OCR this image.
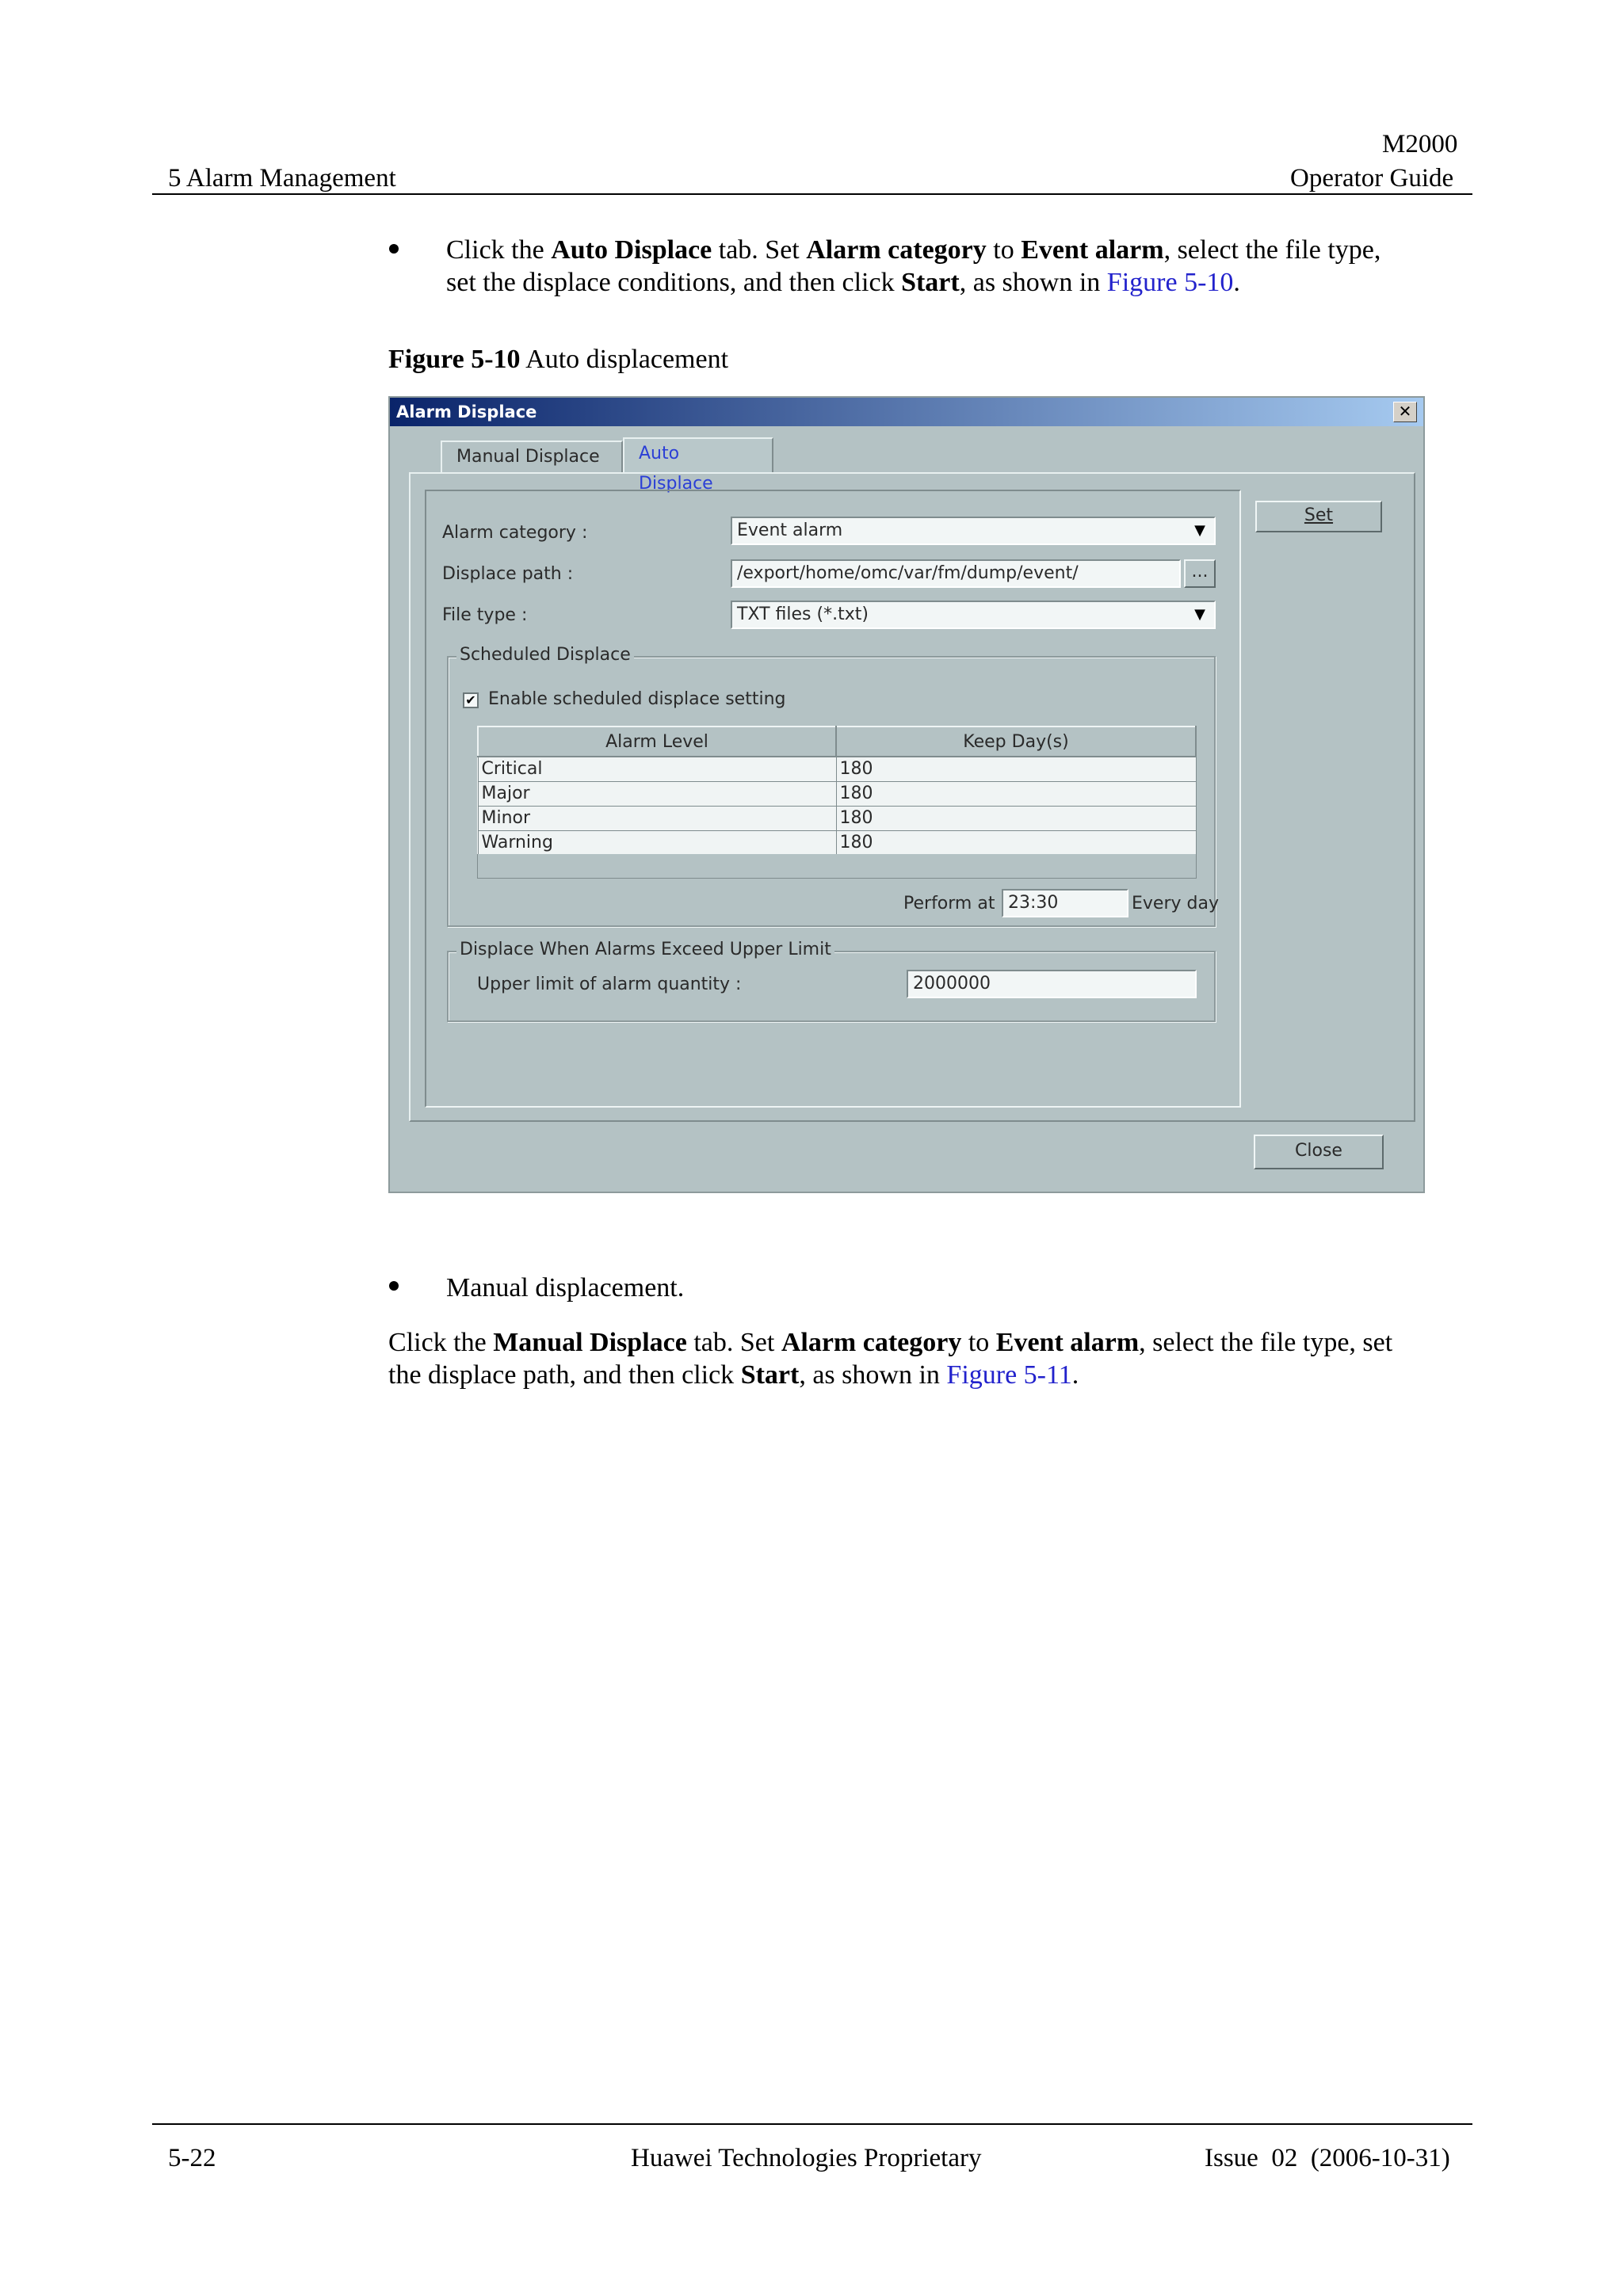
M2000
5 Alarm Management	Operator Guide
Click the Auto Displace tab. Set Alarm category to Event alarm, select the file type,
set the displace conditions, and then click Start, as shown in Figure 5-10.
Figure 5-10 Auto displacement
Alarm Displace	✕
Manual Displace	Auto Displace
Alarm category :	Event alarm	▼
Displace path :	/export/home/omc/var/fm/dump/event/	...
File type :	TXT files (*.txt)	▼
Scheduled Displace
✔ Enable scheduled displace setting
Alarm Level	Keep Day(s)
Critical	180
Major	180
Minor	180
Warning	180
Perform at 23:30	Every day
Displace When Alarms Exceed Upper Limit
Upper limit of alarm quantity :	2000000
Set
Close
Manual displacement.
Click the Manual Displace tab. Set Alarm category to Event alarm, select the file type, set
the displace path, and then click Start, as shown in Figure 5-11.
5-22	Huawei Technologies Proprietary	Issue  02  (2006-10-31)
